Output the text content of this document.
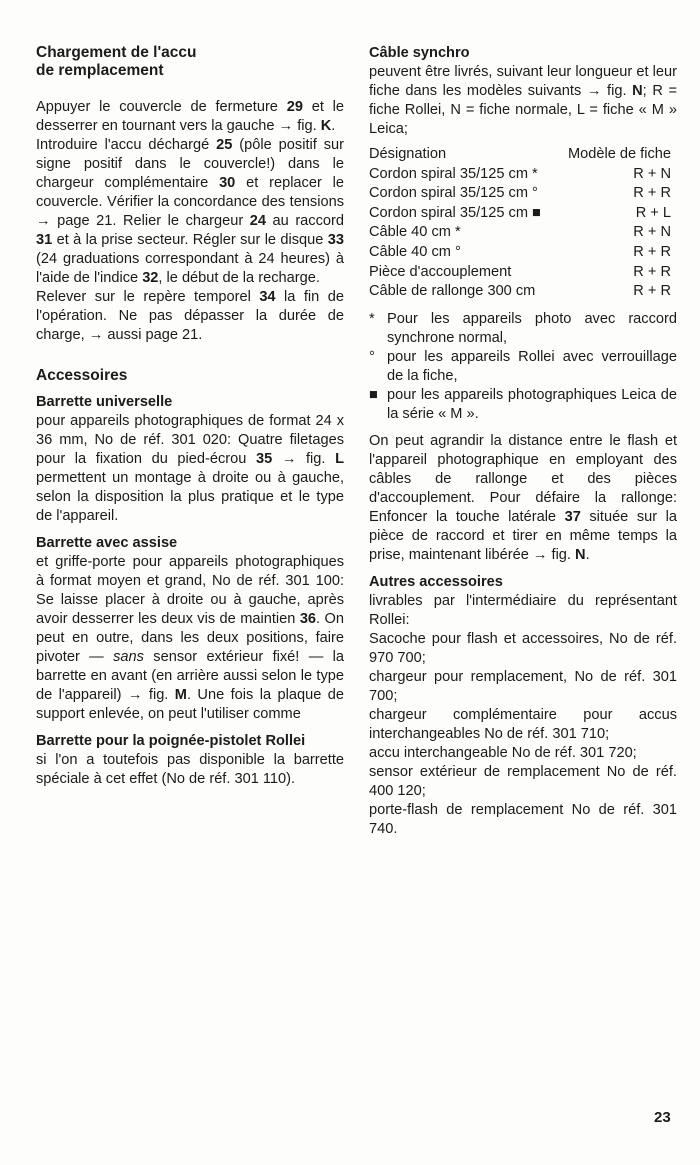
Chargement de l'accu
de remplacement

Appuyer le couvercle de fermeture 29 et le desserrer en tournant vers la gauche → fig. K.

Introduire l'accu déchargé 25 (pôle positif sur signe positif dans le couvercle!) dans le chargeur complémentaire 30 et replacer le couvercle. Vérifier la concordance des tensions → page 21. Relier le chargeur 24 au raccord 31 et à la prise secteur. Régler sur le disque 33 (24 graduations correspondant à 24 heures) à l'aide de l'indice 32, le début de la recharge.

Relever sur le repère temporel 34 la fin de l'opération. Ne pas dépasser la durée de charge, → aussi page 21.

Accessoires
Barrette universelle

pour appareils photographiques de format 24 x 36 mm, No de réf. 301 020: Quatre filetages pour la fixation du pied-écrou 35 → fig. L permettent un montage à droite ou à gauche, selon la disposition la plus pratique et le type de l'appareil.

Barrette avec assise

et griffe-porte pour appareils photographiques à format moyen et grand, No de réf. 301 100: Se laisse placer à droite ou à gauche, après avoir desserrer les deux vis de maintien 36. On peut en outre, dans les deux positions, faire pivoter — sans sensor extérieur fixé! — la barrette en avant (en arrière aussi selon le type de l'appareil) → fig. M. Une fois la plaque de support enlevée, on peut l'utiliser comme

Barrette pour la poignée-pistolet Rollei

si l'on a toutefois pas disponible la barrette spéciale à cet effet (No de réf. 301 110).

Câble synchro

peuvent être livrés, suivant leur longueur et leur fiche dans les modèles suivants → fig. N; R = fiche Rollei, N = fiche normale, L = fiche « M » Leica;

Désignation	Modèle de fiche
Cordon spiral 35/125 cm *	R + N
Cordon spiral 35/125 cm °	R + R
Cordon spiral 35/125 cm ■	R + L
Câble 40 cm *	R + N
Câble 40 cm °	R + R
Pièce d'accouplement	R + R
Câble de rallonge 300 cm	R + R
* Pour les appareils photo avec raccord synchrone normal,
° pour les appareils Rollei avec verrouillage de la fiche,
■ pour les appareils photographiques Leica de la série « M ».

On peut agrandir la distance entre le flash et l'appareil photographique en employant des câbles de rallonge et des pièces d'accouplement. Pour défaire la rallonge: Enfoncer la touche latérale 37 située sur la pièce de raccord et tirer en même temps la prise, maintenant libérée → fig. N.

Autres accessoires

livrables par l'intermédiaire du représentant Rollei:

Sacoche pour flash et accessoires, No de réf. 970 700;

chargeur pour remplacement, No de réf. 301 700;

chargeur complémentaire pour accus interchangeables No de réf. 301 710;

accu interchangeable No de réf. 301 720;

sensor extérieur de remplacement No de réf. 400 120;

porte-flash de remplacement No de réf. 301 740.

23
